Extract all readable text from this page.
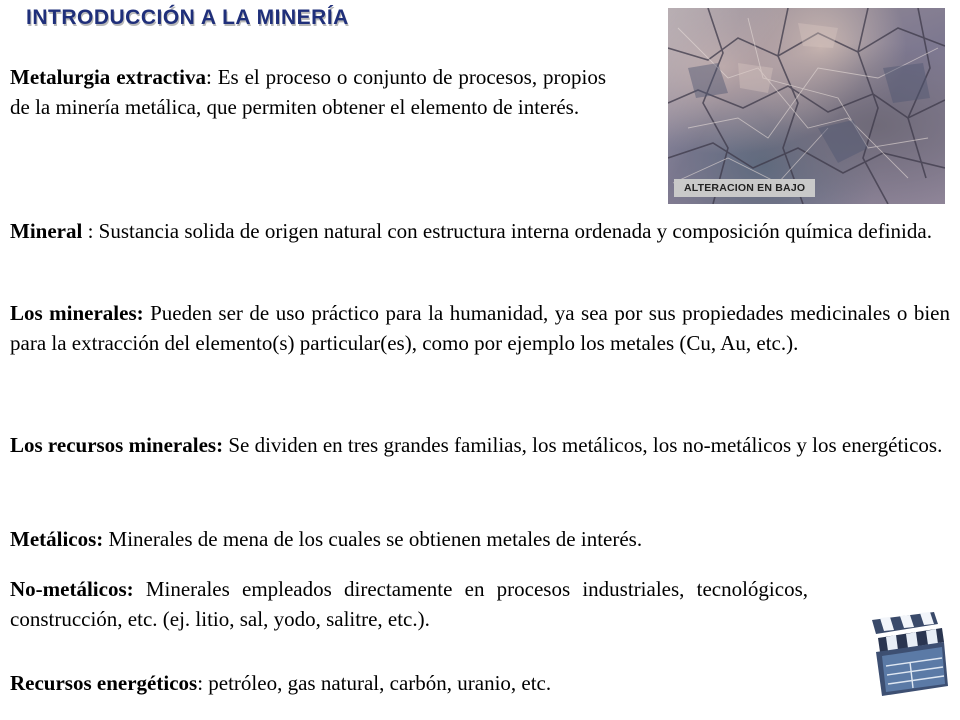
INTRODUCCIÓN A LA MINERÍA

Metalurgia extractiva: Es el proceso o conjunto de procesos, propios de la minería metálica, que permiten obtener el elemento de interés.

ALTERACION EN BAJO

Mineral : Sustancia solida de origen natural con estructura interna ordenada y composición química definida.

Los minerales: Pueden ser de uso práctico para la humanidad, ya sea por sus propiedades medicinales o bien para la extracción del elemento(s) particular(es), como por ejemplo los metales (Cu, Au, etc.).

Los recursos minerales: Se dividen en tres grandes familias, los metálicos, los no-metálicos y los energéticos.

Metálicos: Minerales de mena de los cuales se obtienen metales de interés.

No-metálicos: Minerales empleados directamente en procesos industriales, tecnológicos, construcción, etc. (ej. litio, sal, yodo, salitre, etc.).

Recursos energéticos: petróleo, gas natural, carbón, uranio, etc.
